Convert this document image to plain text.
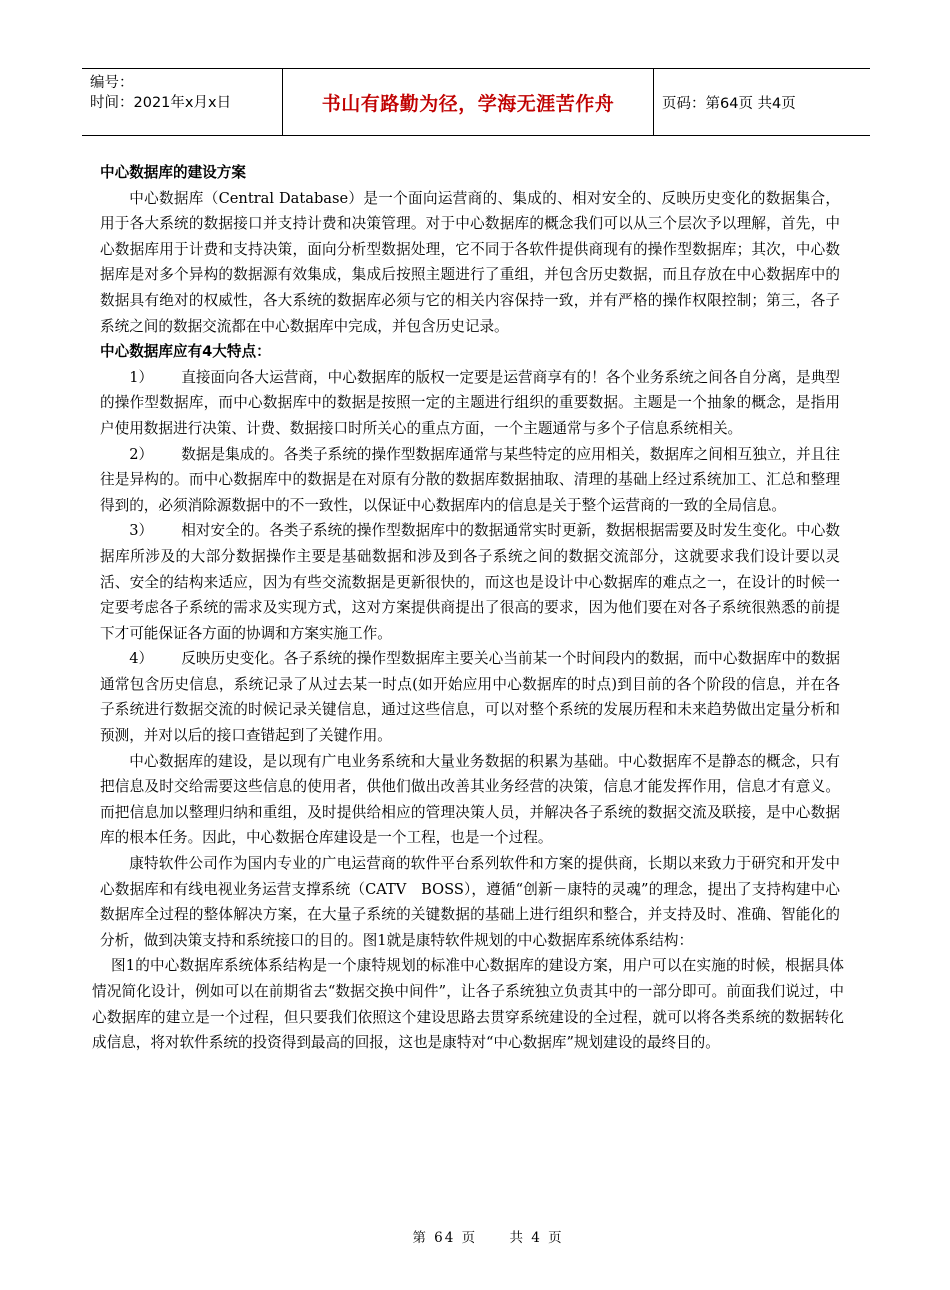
编号：
时间：2021年x月x日	书山有路勤为径，学海无涯苦作舟	页码：第64页 共4页

中心数据库的建设方案

中心数据库（Central Database）是一个面向运营商的、集成的、相对安全的、反映历史变化的数据集合，用于各大系统的数据接口并支持计费和决策管理。对于中心数据库的概念我们可以从三个层次予以理解，首先，中心数据库用于计费和支持决策，面向分析型数据处理，它不同于各软件提供商现有的操作型数据库；其次，中心数据库是对多个异构的数据源有效集成，集成后按照主题进行了重组，并包含历史数据，而且存放在中心数据库中的数据具有绝对的权威性，各大系统的数据库必须与它的相关内容保持一致，并有严格的操作权限控制；第三，各子系统之间的数据交流都在中心数据库中完成，并包含历史记录。

中心数据库应有4大特点：

1） 直接面向各大运营商，中心数据库的版权一定要是运营商享有的！各个业务系统之间各自分离，是典型的操作型数据库，而中心数据库中的数据是按照一定的主题进行组织的重要数据。主题是一个抽象的概念，是指用户使用数据进行决策、计费、数据接口时所关心的重点方面，一个主题通常与多个子信息系统相关。

2） 数据是集成的。各类子系统的操作型数据库通常与某些特定的应用相关，数据库之间相互独立，并且往往是异构的。而中心数据库中的数据是在对原有分散的数据库数据抽取、清理的基础上经过系统加工、汇总和整理得到的，必须消除源数据中的不一致性，以保证中心数据库内的信息是关于整个运营商的一致的全局信息。

3） 相对安全的。各类子系统的操作型数据库中的数据通常实时更新，数据根据需要及时发生变化。中心数据库所涉及的大部分数据操作主要是基础数据和涉及到各子系统之间的数据交流部分，这就要求我们设计要以灵活、安全的结构来适应，因为有些交流数据是更新很快的，而这也是设计中心数据库的难点之一，在设计的时候一定要考虑各子系统的需求及实现方式，这对方案提供商提出了很高的要求，因为他们要在对各子系统很熟悉的前提下才可能保证各方面的协调和方案实施工作。

4） 反映历史变化。各子系统的操作型数据库主要关心当前某一个时间段内的数据，而中心数据库中的数据通常包含历史信息，系统记录了从过去某一时点(如开始应用中心数据库的时点)到目前的各个阶段的信息，并在各子系统进行数据交流的时候记录关键信息，通过这些信息，可以对整个系统的发展历程和未来趋势做出定量分析和预测，并对以后的接口查错起到了关键作用。

中心数据库的建设，是以现有广电业务系统和大量业务数据的积累为基础。中心数据库不是静态的概念，只有把信息及时交给需要这些信息的使用者，供他们做出改善其业务经营的决策，信息才能发挥作用，信息才有意义。而把信息加以整理归纳和重组，及时提供给相应的管理决策人员，并解决各子系统的数据交流及联接，是中心数据库的根本任务。因此，中心数据仓库建设是一个工程，也是一个过程。

康特软件公司作为国内专业的广电运营商的软件平台系列软件和方案的提供商，长期以来致力于研究和开发中心数据库和有线电视业务运营支撑系统（CATV　BOSS），遵循“创新－康特的灵魂”的理念，提出了支持构建中心数据库全过程的整体解决方案，在大量子系统的关键数据的基础上进行组织和整合，并支持及时、准确、智能化的分析，做到决策支持和系统接口的目的。图1就是康特软件规划的中心数据库系统体系结构：

图1的中心数据库系统体系结构是一个康特规划的标准中心数据库的建设方案，用户可以在实施的时候，根据具体情况简化设计，例如可以在前期省去“数据交换中间件”，让各子系统独立负责其中的一部分即可。前面我们说过，中心数据库的建立是一个过程，但只要我们依照这个建设思路去贯穿系统建设的全过程，就可以将各类系统的数据转化成信息，将对软件系统的投资得到最高的回报，这也是康特对“中心数据库”规划建设的最终目的。

第 64 页 共 4 页
